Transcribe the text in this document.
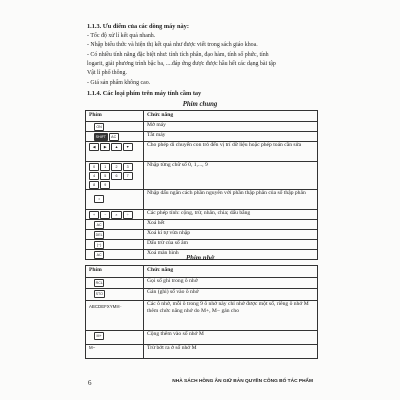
1.1.3. Ưu điểm của các dòng máy này:
- Tốc độ xử lí kết quả nhanh.
- Nhập biểu thức và hiện thị kết quả như được viết trong sách giáo khoa.
- Có nhiều tính năng đặc biệt như: tính tích phân, đạo hàm, tính số phức, tính
logarit, giải phương trình bậc ba, ....đáp ứng được được hầu hết các dạng bài tập
Vật lí phổ thông.
- Giá sản phẩm không cao.
1.1.4. Các loại phím trên máy tính cầm tay
Phím chung
Phím	Chức năng
ON	Mở máy
SHIFT AC	Tắt máy
◀ ▶ ▲ ▼	Cho phép di chuyển con trỏ đến vị trí dữ liệu hoặc phép toán cần sửa
0 1 2 34 5 6 78 9	Nhập từng chữ số 0, 1,..., 9
•	Nhập dấu ngăn cách phần nguyên với phần thập phân của số thập phân
+ − × ÷	Các phép tính: cộng, trừ, nhân, chia; dấu bằng
AC	Xoá hết
DEL	Xoá kí tự vừa nhập
(−)	Dấu trừ của số âm
AC	Xoá màn hình
Phím nhớ
Phím	Chức năng
RCL	Gọi số ghi trong ô nhớ
STO	Gán (ghi) số vào ô nhớ
$ABCDEFXYM^{M-}$	Các ô nhớ, mỗi ô trong 9 ô nhớ này chỉ nhớ được một số, riêng ô nhớ M thêm chức năng nhớ do M+, M− gán cho
M+	Cộng thêm vào số nhớ M
M−	Trừ bớt ra ở số nhớ M
6	NHÀ SÁCH HỒNG ÂN GIỮ BẢN QUYỀN CÔNG BỐ TÁC PHẨM
